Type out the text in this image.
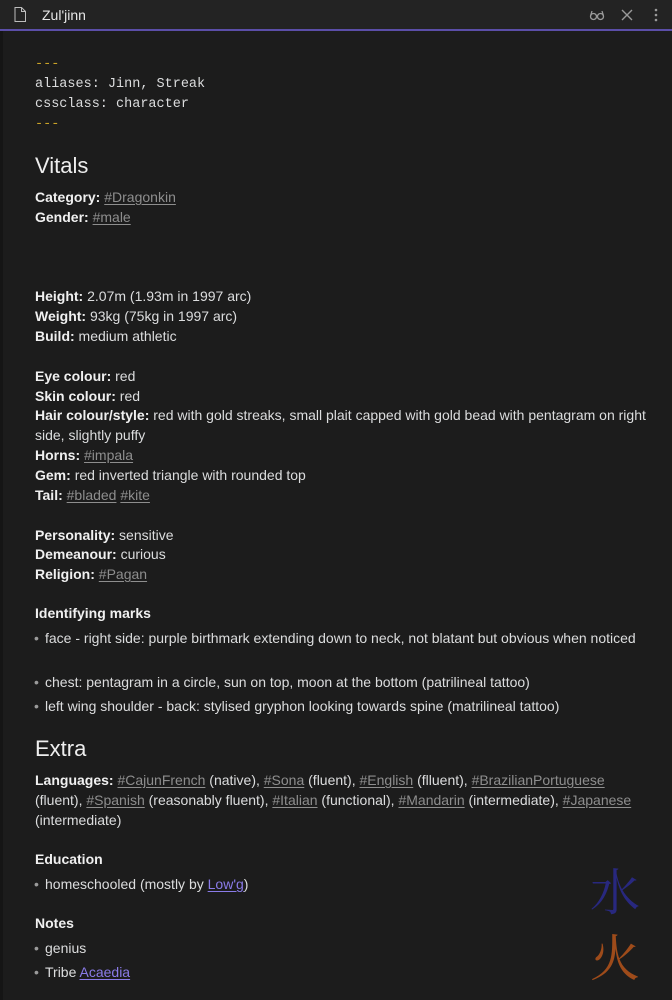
Zul'jinn
---
aliases: Jinn, Streak
cssclass: character
---
Vitals
Category: #Dragonkin
Gender: #male
Height: 2.07m (1.93m in 1997 arc)
Weight: 93kg (75kg in 1997 arc)
Build: medium athletic
Eye colour: red
Skin colour: red
Hair colour/style: red with gold streaks, small plait capped with gold bead with pentagram on right side, slightly puffy
Horns: #impala
Gem: red inverted triangle with rounded top
Tail: #bladed #kite
Personality: sensitive
Demeanour: curious
Religion: #Pagan
Identifying marks
• face - right side: purple birthmark extending down to neck, not blatant but obvious when noticed
• chest: pentagram in a circle, sun on top, moon at the bottom (patrilineal tattoo)
• left wing shoulder - back: stylised gryphon looking towards spine (matrilineal tattoo)
Extra
Languages: #CajunFrench (native), #Sona (fluent), #English (flluent), #BrazilianPortuguese (fluent), #Spanish (reasonably fluent), #Italian (functional), #Mandarin (intermediate), #Japanese (intermediate)
Education
• homeschooled (mostly by Low'g)
Notes
• genius
• Tribe Acaedia
水
火
